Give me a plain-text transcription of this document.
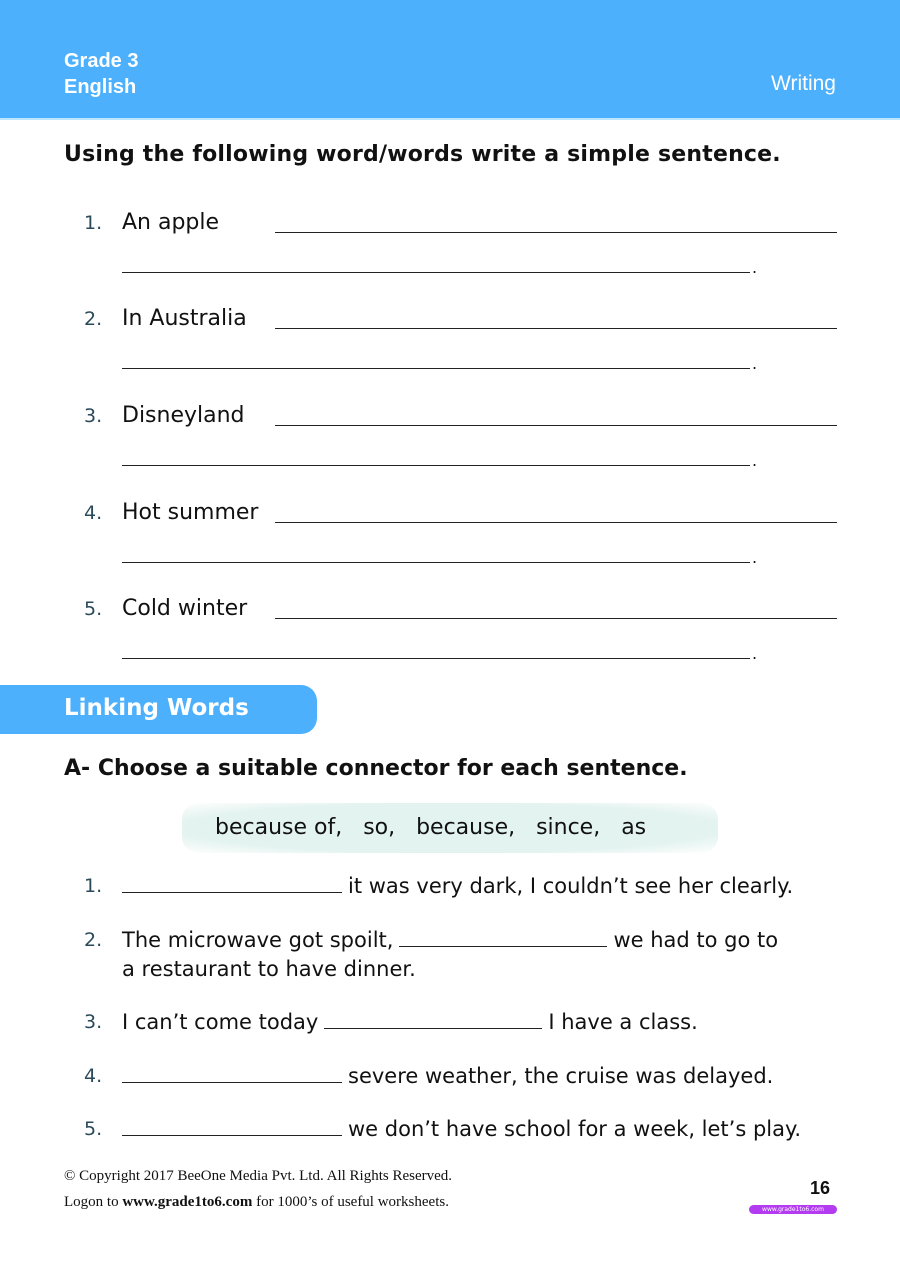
Grade 3
English	Writing
Using the following word/words write a simple sentence.
1. An apple
.
2. In Australia
.
3. Disneyland
.
4. Hot summer
.
5. Cold winter
.
Linking Words
A- Choose a suitable connector for each sentence.
because of,   so,   because,   since,   as
1.	it was very dark, I couldn’t see her clearly.
2. The microwave got spoilt,	we had to go to
a restaurant to have dinner.
3. I can’t come today	I have a class.
4.	severe weather, the cruise was delayed.
5.	we don’t have school for a week, let’s play.
© Copyright 2017 BeeOne Media Pvt. Ltd. All Rights Reserved.
Logon to www.grade1to6.com for 1000’s of useful worksheets.
16
www.grade1to6.com
